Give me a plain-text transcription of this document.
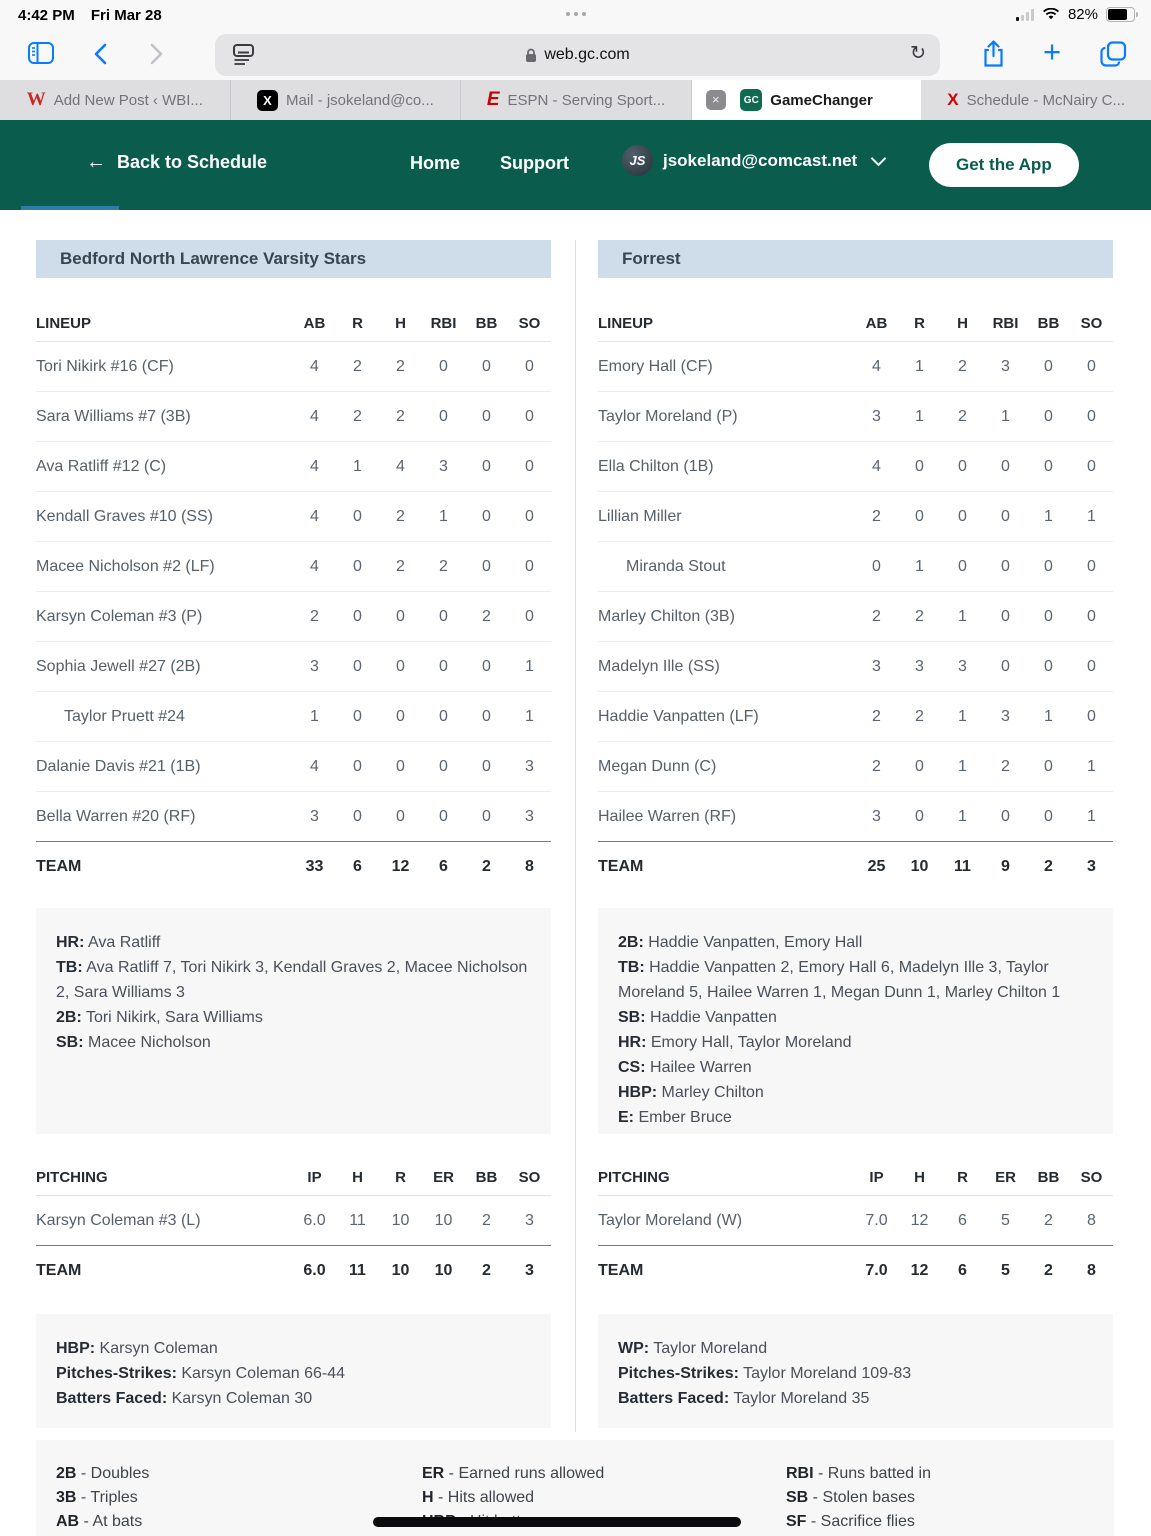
4:42 PM Fri Mar 28	82%
web.gc.com	↻	+
W Add New Post ‹ WBI...	X Mail - jsokeland@co...	E ESPN - Serving Sport...	×	GC GameChanger	X Schedule - McNairy C...
← Back to Schedule	Home Support	JS	jsokeland@comcast.net	Get the App
Bedford North Lawrence Varsity Stars
LINEUP	AB	R	H	RBI	BB	SO
Tori Nikirk #16 (CF)	4	2	2	0	0	0
Sara Williams #7 (3B)	4	2	2	0	0	0
Ava Ratliff #12 (C)	4	1	4	3	0	0
Kendall Graves #10 (SS)	4	0	2	1	0	0
Macee Nicholson #2 (LF)	4	0	2	2	0	0
Karsyn Coleman #3 (P)	2	0	0	0	2	0
Sophia Jewell #27 (2B)	3	0	0	0	0	1
Taylor Pruett #24	1	0	0	0	0	1
Dalanie Davis #21 (1B)	4	0	0	0	0	3
Bella Warren #20 (RF)	3	0	0	0	0	3
TEAM	33	6	12	6	2	8
HR: Ava Ratliff
TB: Ava Ratliff 7, Tori Nikirk 3, Kendall Graves 2, Macee Nicholson 2, Sara Williams 3
2B: Tori Nikirk, Sara Williams
SB: Macee Nicholson
PITCHING	IP	H	R	ER	BB	SO
Karsyn Coleman #3 (L)	6.0	11	10	10	2	3
TEAM	6.0	11	10	10	2	3
HBP: Karsyn Coleman
Pitches-Strikes: Karsyn Coleman 66-44
Batters Faced: Karsyn Coleman 30
Forrest
LINEUP	AB	R	H	RBI	BB	SO
Emory Hall (CF)	4	1	2	3	0	0
Taylor Moreland (P)	3	1	2	1	0	0
Ella Chilton (1B)	4	0	0	0	0	0
Lillian Miller	2	0	0	0	1	1
Miranda Stout	0	1	0	0	0	0
Marley Chilton (3B)	2	2	1	0	0	0
Madelyn Ille (SS)	3	3	3	0	0	0
Haddie Vanpatten (LF)	2	2	1	3	1	0
Megan Dunn (C)	2	0	1	2	0	1
Hailee Warren (RF)	3	0	1	0	0	1
TEAM	25	10	11	9	2	3
2B: Haddie Vanpatten, Emory Hall
TB: Haddie Vanpatten 2, Emory Hall 6, Madelyn Ille 3, Taylor Moreland 5, Hailee Warren 1, Megan Dunn 1, Marley Chilton 1
SB: Haddie Vanpatten
HR: Emory Hall, Taylor Moreland
CS: Hailee Warren
HBP: Marley Chilton
E: Ember Bruce
PITCHING	IP	H	R	ER	BB	SO
Taylor Moreland (W)	7.0	12	6	5	2	8
TEAM	7.0	12	6	5	2	8
WP: Taylor Moreland
Pitches-Strikes: Taylor Moreland 109-83
Batters Faced: Taylor Moreland 35
2B - Doubles
3B - Triples
AB - At bats
ER - Earned runs allowed
H - Hits allowed
RBI - Runs batted in
SB - Stolen bases
SF - Sacrifice flies
